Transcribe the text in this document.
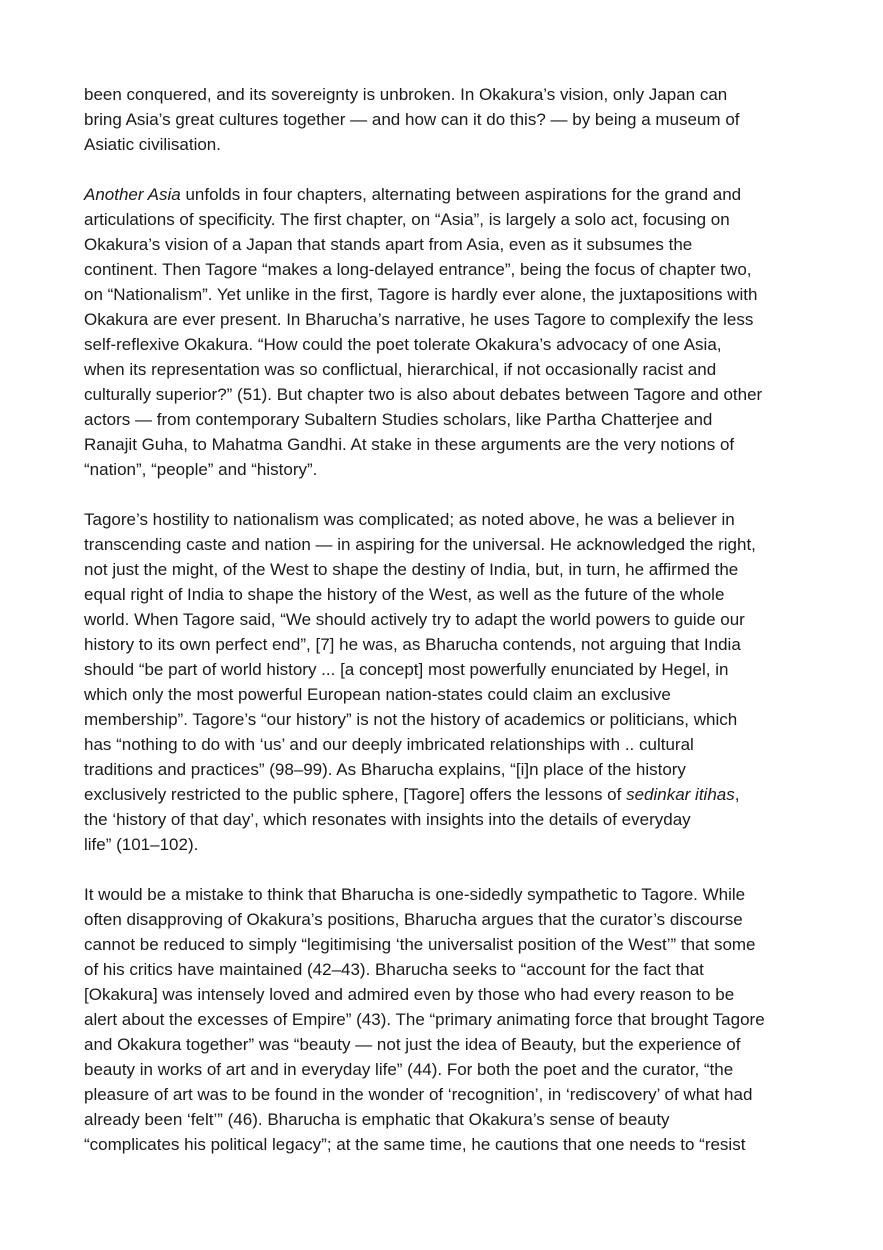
been conquered, and its sovereignty is unbroken. In Okakura’s vision, only Japan can
bring Asia’s great cultures together — and how can it do this? — by being a museum of
Asiatic civilisation.

Another Asia unfolds in four chapters, alternating between aspirations for the grand and
articulations of specificity. The first chapter, on “Asia”, is largely a solo act, focusing on
Okakura’s vision of a Japan that stands apart from Asia, even as it subsumes the
continent. Then Tagore “makes a long-delayed entrance”, being the focus of chapter two,
on “Nationalism”. Yet unlike in the first, Tagore is hardly ever alone, the juxtapositions with
Okakura are ever present. In Bharucha’s narrative, he uses Tagore to complexify the less
self-reflexive Okakura. “How could the poet tolerate Okakura’s advocacy of one Asia,
when its representation was so conflictual, hierarchical, if not occasionally racist and
culturally superior?” (51). But chapter two is also about debates between Tagore and other
actors — from contemporary Subaltern Studies scholars, like Partha Chatterjee and
Ranajit Guha, to Mahatma Gandhi. At stake in these arguments are the very notions of
“nation”, “people” and “history”.

Tagore’s hostility to nationalism was complicated; as noted above, he was a believer in
transcending caste and nation — in aspiring for the universal. He acknowledged the right,
not just the might, of the West to shape the destiny of India, but, in turn, he affirmed the
equal right of India to shape the history of the West, as well as the future of the whole
world. When Tagore said, “We should actively try to adapt the world powers to guide our
history to its own perfect end”, [7] he was, as Bharucha contends, not arguing that India
should “be part of world history ... [a concept] most powerfully enunciated by Hegel, in
which only the most powerful European nation-states could claim an exclusive
membership”. Tagore’s “our history” is not the history of academics or politicians, which
has “nothing to do with ‘us’ and our deeply imbricated relationships with .. cultural
traditions and practices” (98–99). As Bharucha explains, “[i]n place of the history
exclusively restricted to the public sphere, [Tagore] offers the lessons of sedinkar itihas,
the ‘history of that day’, which resonates with insights into the details of everyday
life” (101–102).

It would be a mistake to think that Bharucha is one-sidedly sympathetic to Tagore. While
often disapproving of Okakura’s positions, Bharucha argues that the curator’s discourse
cannot be reduced to simply “legitimising ‘the universalist position of the West’” that some
of his critics have maintained (42–43). Bharucha seeks to “account for the fact that
[Okakura] was intensely loved and admired even by those who had every reason to be
alert about the excesses of Empire” (43). The “primary animating force that brought Tagore
and Okakura together” was “beauty — not just the idea of Beauty, but the experience of
beauty in works of art and in everyday life” (44). For both the poet and the curator, “the
pleasure of art was to be found in the wonder of ‘recognition’, in ‘rediscovery’ of what had
already been ‘felt’” (46). Bharucha is emphatic that Okakura’s sense of beauty
“complicates his political legacy”; at the same time, he cautions that one needs to “resist
